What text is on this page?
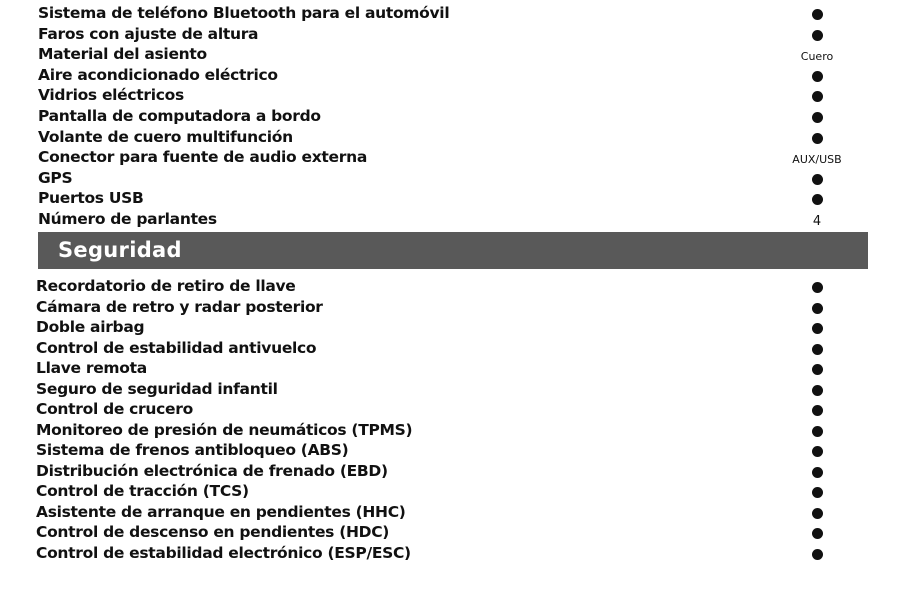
Sistema de teléfono Bluetooth para el automóvil
Faros con ajuste de altura
Material del asiento	Cuero
Aire acondicionado eléctrico
Vidrios eléctricos
Pantalla de computadora a bordo
Volante de cuero multifunción
Conector para fuente de audio externa	AUX/USB
GPS
Puertos USB
Número de parlantes	4
Seguridad
Recordatorio de retiro de llave
Cámara de retro y radar posterior
Doble airbag
Control de estabilidad antivuelco
Llave remota
Seguro de seguridad infantil
Control de crucero
Monitoreo de presión de neumáticos (TPMS)
Sistema de frenos antibloqueo (ABS)
Distribución electrónica de frenado (EBD)
Control de tracción (TCS)
Asistente de arranque en pendientes (HHC)
Control de descenso en pendientes (HDC)
Control de estabilidad electrónico (ESP/ESC)
